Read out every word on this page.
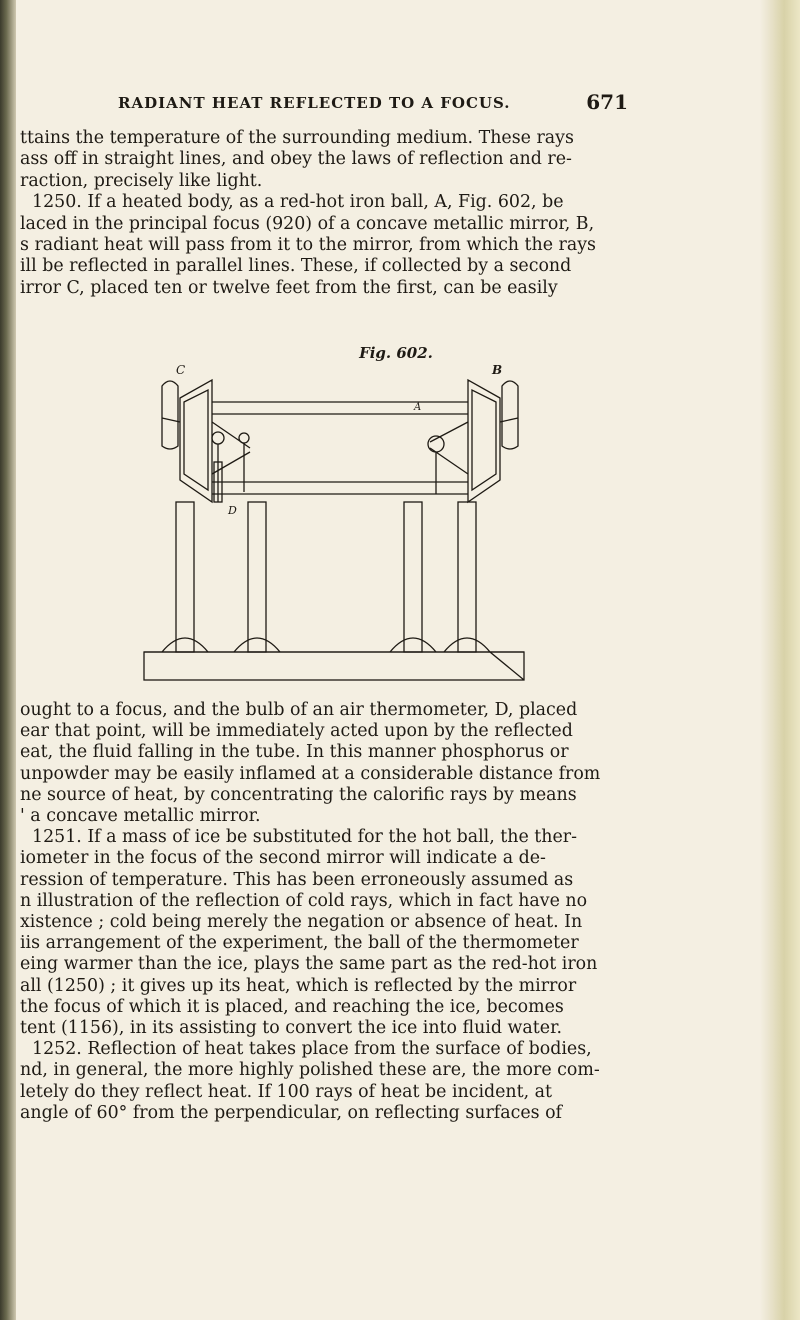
RADIANT HEAT REFLECTED TO A FOCUS.	671

ttains the temperature of the surrounding medium. These rays

ass off in straight lines, and obey the laws of reflection and re-

raction, precisely like light.

1250. If a heated body, as a red-hot iron ball, A, Fig. 602, be

laced in the principal focus (920) of a concave metallic mirror, B,

s radiant heat will pass from it to the mirror, from which the rays

ill be reflected in parallel lines. These, if collected by a second

irror C, placed ten or twelve feet from the first, can be easily

Fig. 602.
C	B
A
D

ought to a focus, and the bulb of an air thermometer, D, placed

ear that point, will be immediately acted upon by the reflected

eat, the fluid falling in the tube. In this manner phosphorus or

unpowder may be easily inflamed at a considerable distance from

ne source of heat, by concentrating the calorific rays by means

' a concave metallic mirror.

1251. If a mass of ice be substituted for the hot ball, the ther-

iometer in the focus of the second mirror will indicate a de-

ression of temperature. This has been erroneously assumed as

n illustration of the reflection of cold rays, which in fact have no

xistence ; cold being merely the negation or absence of heat. In

iis arrangement of the experiment, the ball of the thermometer

eing warmer than the ice, plays the same part as the red-hot iron

all (1250) ; it gives up its heat, which is reflected by the mirror

the focus of which it is placed, and reaching the ice, becomes

tent (1156), in its assisting to convert the ice into fluid water.

1252. Reflection of heat takes place from the surface of bodies,

nd, in general, the more highly polished these are, the more com-

letely do they reflect heat. If 100 rays of heat be incident, at

angle of 60° from the perpendicular, on reflecting surfaces of
